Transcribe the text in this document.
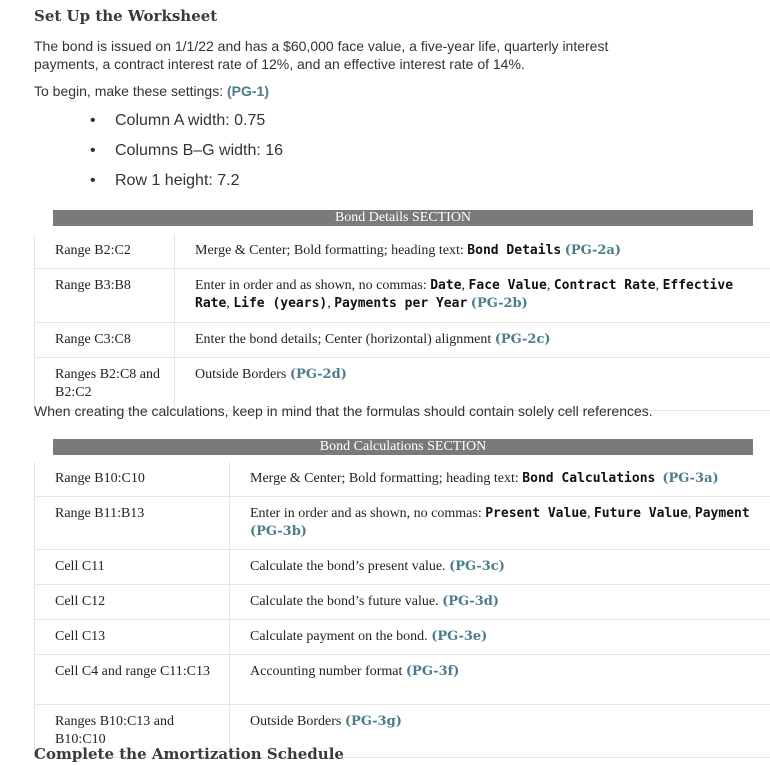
Set Up the Worksheet
The bond is issued on 1/1/22 and has a $60,000 face value, a five-year life, quarterly interest payments, a contract interest rate of 12%, and an effective interest rate of 14%.
To begin, make these settings: (PG-1)
• Column A width: 0.75
• Columns B–G width: 16
• Row 1 height: 7.2
Bond Details SECTION
Range B2:C2	Merge & Center; Bold formatting; heading text: Bond Details (PG-2a)
Range B3:B8	Enter in order and as shown, no commas: Date, Face Value, Contract Rate, Effective Rate, Life (years), Payments per Year (PG-2b)
Range C3:C8	Enter the bond details; Center (horizontal) alignment (PG-2c)
Ranges B2:C8 and B2:C2	Outside Borders (PG-2d)
When creating the calculations, keep in mind that the formulas should contain solely cell references.
Bond Calculations SECTION
Range B10:C10	Merge & Center; Bold formatting; heading text: Bond Calculations (PG-3a)
Range B11:B13	Enter in order and as shown, no commas: Present Value, Future Value, Payment (PG-3b)
Cell C11	Calculate the bond’s present value. (PG-3c)
Cell C12	Calculate the bond’s future value. (PG-3d)
Cell C13	Calculate payment on the bond. (PG-3e)
Cell C4 and range C11:C13	Accounting number format (PG-3f)
Ranges B10:C13 and B10:C10	Outside Borders (PG-3g)
Complete the Amortization Schedule
